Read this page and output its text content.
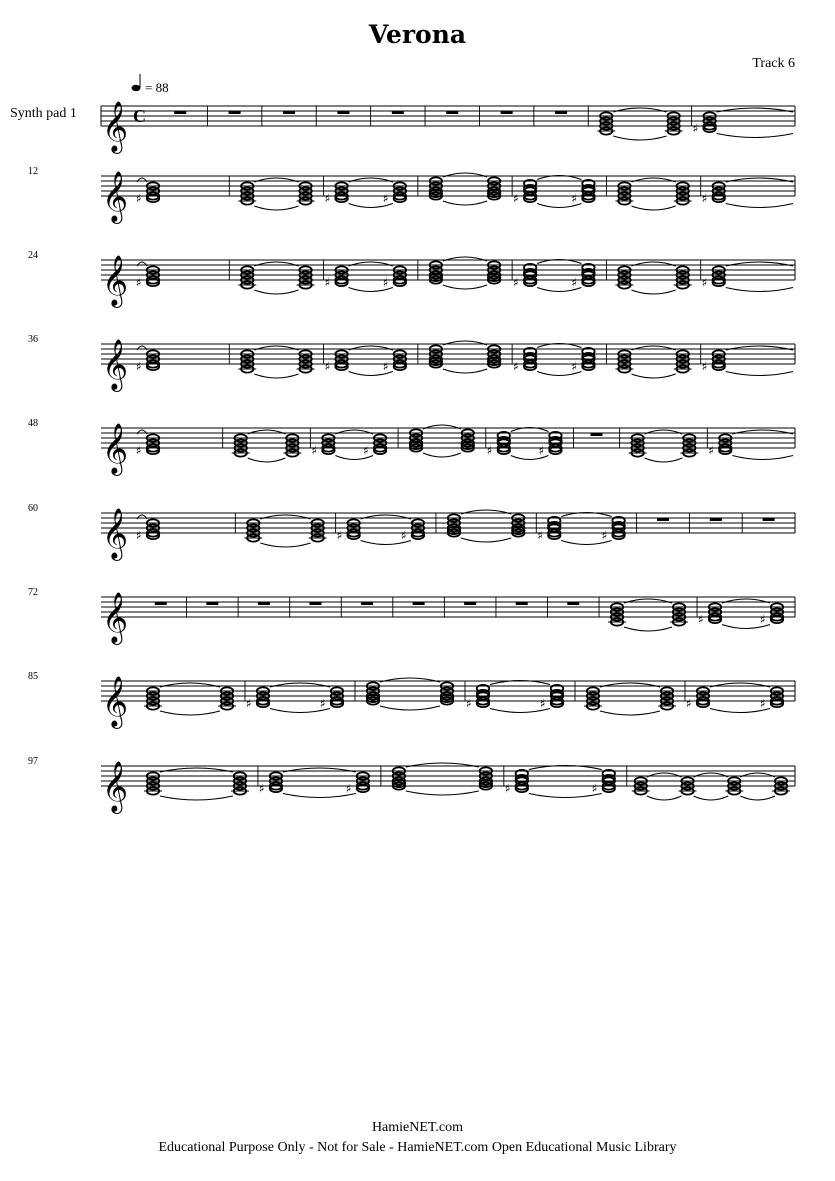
Verona
Track 6
Synth pad 1 𝄞
= 88
C
♯
𝄞
12
♯	♯	♯	♯	♯	♯
𝄞
24
♯	♯	♯	♯	♯	♯
𝄞
36
♯	♯	♯	♯	♯	♯
𝄞
48
♯	♯	♯	♯	♯	♯
𝄞
60
♯	♯	♯	♯	♯
𝄞
72
♯	♯
𝄞
85
♯	♯	♯	♯	♯	♯
𝄞
97
♯	♯	♯	♯
HamieNET.com
Educational Purpose Only - Not for Sale - HamieNET.com Open Educational Music Library
